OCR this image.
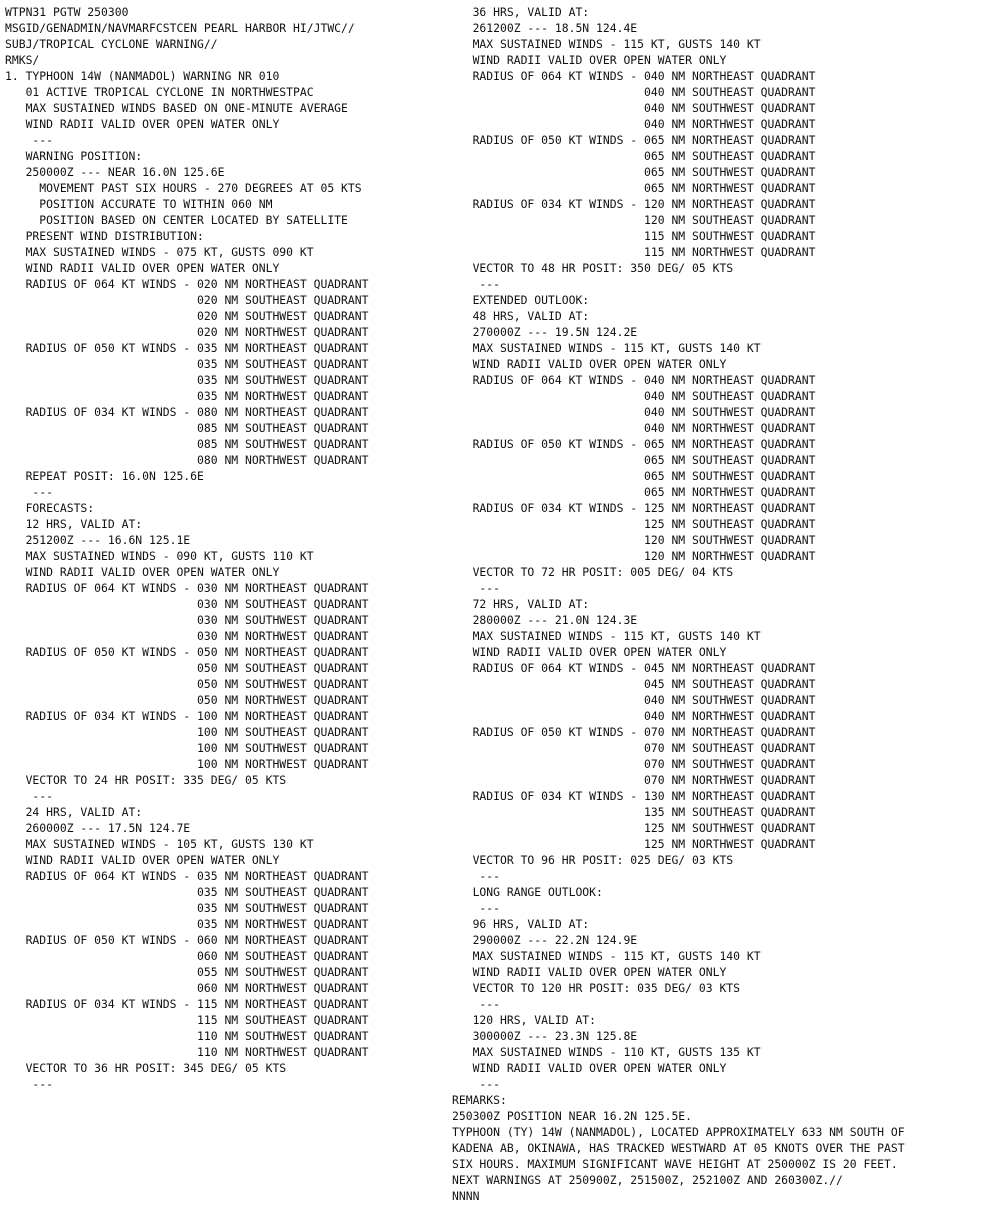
WTPN31 PGTW 250300
MSGID/GENADMIN/NAVMARFCSTCEN PEARL HARBOR HI/JTWC//
SUBJ/TROPICAL CYCLONE WARNING//
RMKS/
1. TYPHOON 14W (NANMADOL) WARNING NR 010
01 ACTIVE TROPICAL CYCLONE IN NORTHWESTPAC
MAX SUSTAINED WINDS BASED ON ONE-MINUTE AVERAGE
WIND RADII VALID OVER OPEN WATER ONLY
---
WARNING POSITION:
250000Z --- NEAR 16.0N 125.6E
MOVEMENT PAST SIX HOURS - 270 DEGREES AT 05 KTS
POSITION ACCURATE TO WITHIN 060 NM
POSITION BASED ON CENTER LOCATED BY SATELLITE
PRESENT WIND DISTRIBUTION:
MAX SUSTAINED WINDS - 075 KT, GUSTS 090 KT
WIND RADII VALID OVER OPEN WATER ONLY
RADIUS OF 064 KT WINDS - 020 NM NORTHEAST QUADRANT
020 NM SOUTHEAST QUADRANT
020 NM SOUTHWEST QUADRANT
020 NM NORTHWEST QUADRANT
RADIUS OF 050 KT WINDS - 035 NM NORTHEAST QUADRANT
035 NM SOUTHEAST QUADRANT
035 NM SOUTHWEST QUADRANT
035 NM NORTHWEST QUADRANT
RADIUS OF 034 KT WINDS - 080 NM NORTHEAST QUADRANT
085 NM SOUTHEAST QUADRANT
085 NM SOUTHWEST QUADRANT
080 NM NORTHWEST QUADRANT
REPEAT POSIT: 16.0N 125.6E
---
FORECASTS:
12 HRS, VALID AT:
251200Z --- 16.6N 125.1E
MAX SUSTAINED WINDS - 090 KT, GUSTS 110 KT
WIND RADII VALID OVER OPEN WATER ONLY
RADIUS OF 064 KT WINDS - 030 NM NORTHEAST QUADRANT
030 NM SOUTHEAST QUADRANT
030 NM SOUTHWEST QUADRANT
030 NM NORTHWEST QUADRANT
RADIUS OF 050 KT WINDS - 050 NM NORTHEAST QUADRANT
050 NM SOUTHEAST QUADRANT
050 NM SOUTHWEST QUADRANT
050 NM NORTHWEST QUADRANT
RADIUS OF 034 KT WINDS - 100 NM NORTHEAST QUADRANT
100 NM SOUTHEAST QUADRANT
100 NM SOUTHWEST QUADRANT
100 NM NORTHWEST QUADRANT
VECTOR TO 24 HR POSIT: 335 DEG/ 05 KTS
---
24 HRS, VALID AT:
260000Z --- 17.5N 124.7E
MAX SUSTAINED WINDS - 105 KT, GUSTS 130 KT
WIND RADII VALID OVER OPEN WATER ONLY
RADIUS OF 064 KT WINDS - 035 NM NORTHEAST QUADRANT
035 NM SOUTHEAST QUADRANT
035 NM SOUTHWEST QUADRANT
035 NM NORTHWEST QUADRANT
RADIUS OF 050 KT WINDS - 060 NM NORTHEAST QUADRANT
060 NM SOUTHEAST QUADRANT
055 NM SOUTHWEST QUADRANT
060 NM NORTHWEST QUADRANT
RADIUS OF 034 KT WINDS - 115 NM NORTHEAST QUADRANT
115 NM SOUTHEAST QUADRANT
110 NM SOUTHWEST QUADRANT
110 NM NORTHWEST QUADRANT
VECTOR TO 36 HR POSIT: 345 DEG/ 05 KTS
---
36 HRS, VALID AT:
261200Z --- 18.5N 124.4E
MAX SUSTAINED WINDS - 115 KT, GUSTS 140 KT
WIND RADII VALID OVER OPEN WATER ONLY
RADIUS OF 064 KT WINDS - 040 NM NORTHEAST QUADRANT
040 NM SOUTHEAST QUADRANT
040 NM SOUTHWEST QUADRANT
040 NM NORTHWEST QUADRANT
RADIUS OF 050 KT WINDS - 065 NM NORTHEAST QUADRANT
065 NM SOUTHEAST QUADRANT
065 NM SOUTHWEST QUADRANT
065 NM NORTHWEST QUADRANT
RADIUS OF 034 KT WINDS - 120 NM NORTHEAST QUADRANT
120 NM SOUTHEAST QUADRANT
115 NM SOUTHWEST QUADRANT
115 NM NORTHWEST QUADRANT
VECTOR TO 48 HR POSIT: 350 DEG/ 05 KTS
---
EXTENDED OUTLOOK:
48 HRS, VALID AT:
270000Z --- 19.5N 124.2E
MAX SUSTAINED WINDS - 115 KT, GUSTS 140 KT
WIND RADII VALID OVER OPEN WATER ONLY
RADIUS OF 064 KT WINDS - 040 NM NORTHEAST QUADRANT
040 NM SOUTHEAST QUADRANT
040 NM SOUTHWEST QUADRANT
040 NM NORTHWEST QUADRANT
RADIUS OF 050 KT WINDS - 065 NM NORTHEAST QUADRANT
065 NM SOUTHEAST QUADRANT
065 NM SOUTHWEST QUADRANT
065 NM NORTHWEST QUADRANT
RADIUS OF 034 KT WINDS - 125 NM NORTHEAST QUADRANT
125 NM SOUTHEAST QUADRANT
120 NM SOUTHWEST QUADRANT
120 NM NORTHWEST QUADRANT
VECTOR TO 72 HR POSIT: 005 DEG/ 04 KTS
---
72 HRS, VALID AT:
280000Z --- 21.0N 124.3E
MAX SUSTAINED WINDS - 115 KT, GUSTS 140 KT
WIND RADII VALID OVER OPEN WATER ONLY
RADIUS OF 064 KT WINDS - 045 NM NORTHEAST QUADRANT
045 NM SOUTHEAST QUADRANT
040 NM SOUTHWEST QUADRANT
040 NM NORTHWEST QUADRANT
RADIUS OF 050 KT WINDS - 070 NM NORTHEAST QUADRANT
070 NM SOUTHEAST QUADRANT
070 NM SOUTHWEST QUADRANT
070 NM NORTHWEST QUADRANT
RADIUS OF 034 KT WINDS - 130 NM NORTHEAST QUADRANT
135 NM SOUTHEAST QUADRANT
125 NM SOUTHWEST QUADRANT
125 NM NORTHWEST QUADRANT
VECTOR TO 96 HR POSIT: 025 DEG/ 03 KTS
---
LONG RANGE OUTLOOK:
---
96 HRS, VALID AT:
290000Z --- 22.2N 124.9E
MAX SUSTAINED WINDS - 115 KT, GUSTS 140 KT
WIND RADII VALID OVER OPEN WATER ONLY
VECTOR TO 120 HR POSIT: 035 DEG/ 03 KTS
---
120 HRS, VALID AT:
300000Z --- 23.3N 125.8E
MAX SUSTAINED WINDS - 110 KT, GUSTS 135 KT
WIND RADII VALID OVER OPEN WATER ONLY
---
REMARKS:
250300Z POSITION NEAR 16.2N 125.5E.
TYPHOON (TY) 14W (NANMADOL), LOCATED APPROXIMATELY 633 NM SOUTH OF
KADENA AB, OKINAWA, HAS TRACKED WESTWARD AT 05 KNOTS OVER THE PAST
SIX HOURS. MAXIMUM SIGNIFICANT WAVE HEIGHT AT 250000Z IS 20 FEET.
NEXT WARNINGS AT 250900Z, 251500Z, 252100Z AND 260300Z.//
NNNN
